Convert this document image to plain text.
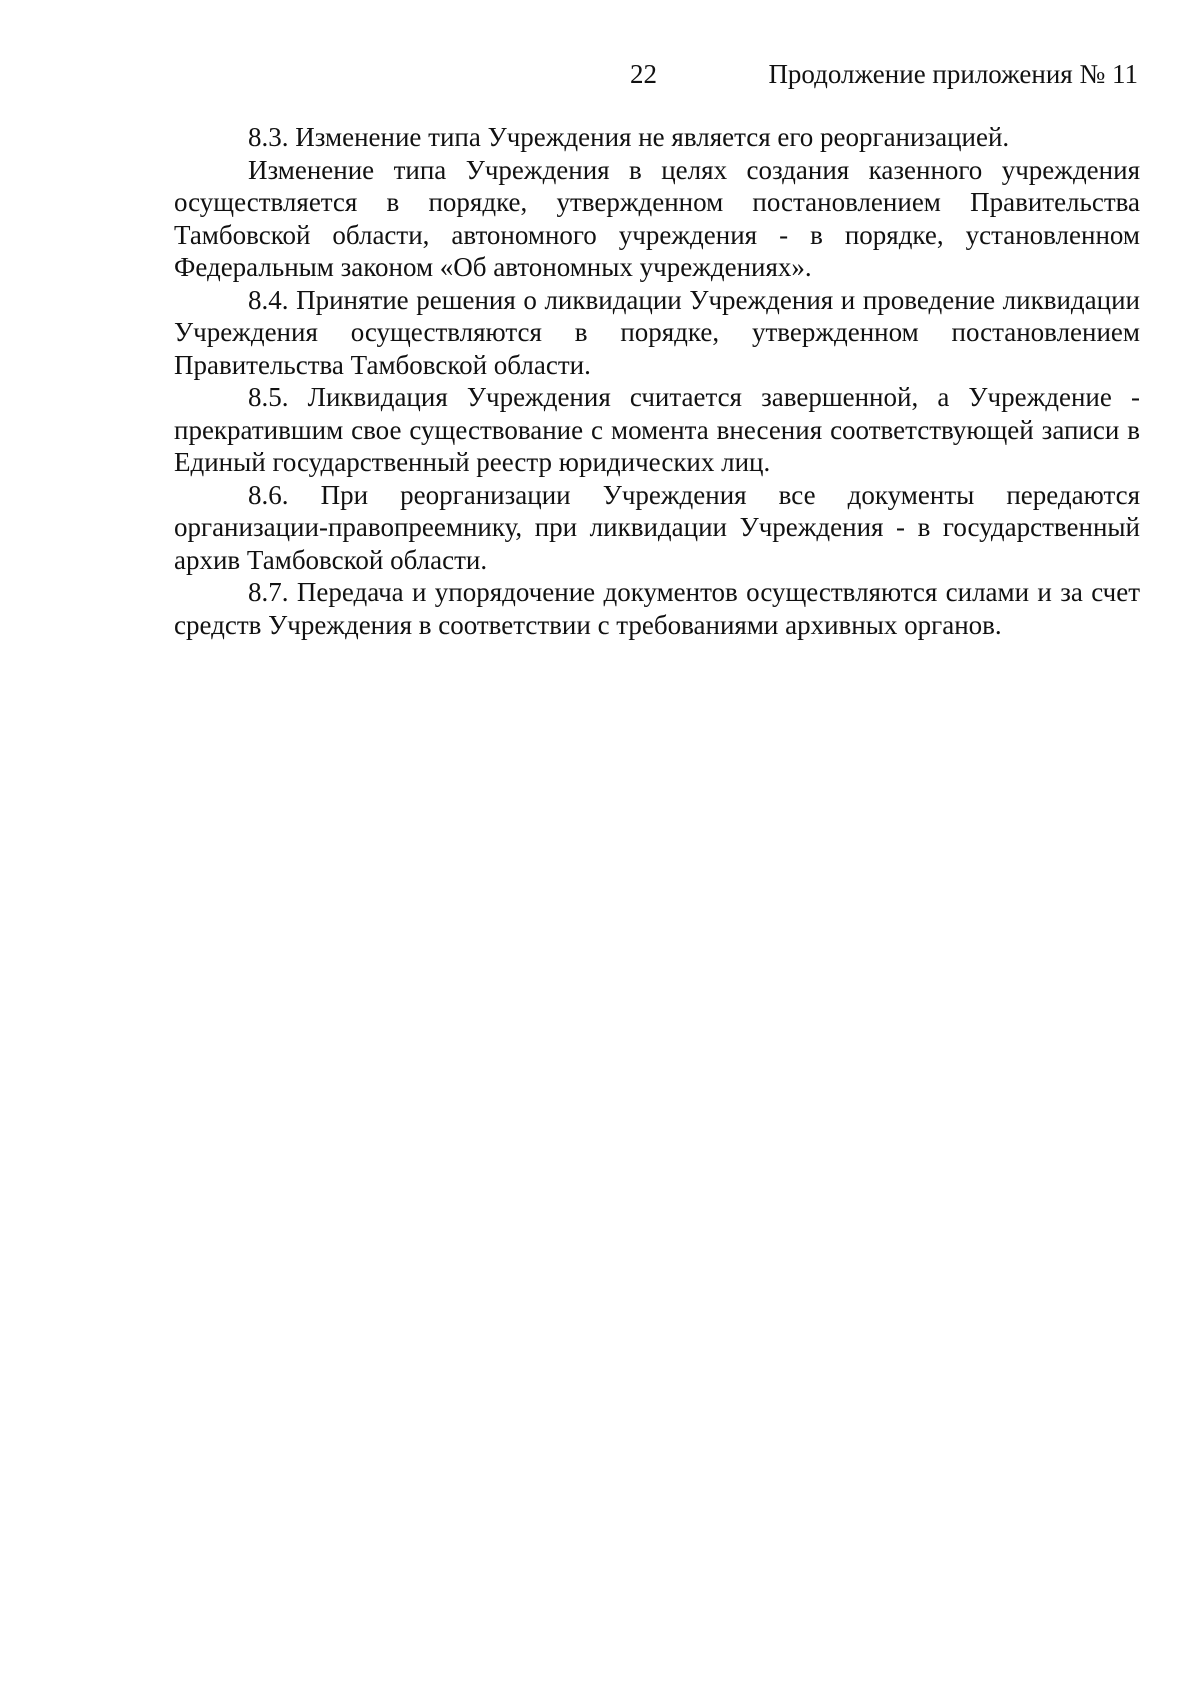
22	Продолжение приложения № 11

8.3. Изменение типа Учреждения не является его реорганизацией.

Изменение типа Учреждения в целях создания казенного учреждения осуществляется в порядке, утвержденном постановлением Правительства Тамбовской области, автономного учреждения - в порядке, установленном Федеральным законом «Об автономных учреждениях».

8.4. Принятие решения о ликвидации Учреждения и проведение ликвидации Учреждения осуществляются в порядке, утвержденном постановлением Правительства Тамбовской области.

8.5. Ликвидация Учреждения считается завершенной, а Учреждение - прекратившим свое существование с момента внесения соответствующей записи в Единый государственный реестр юридических лиц.

8.6. При реорганизации Учреждения все документы передаются организации-правопреемнику, при ликвидации Учреждения - в государственный архив Тамбовской области.

8.7. Передача и упорядочение документов осуществляются силами и за счет средств Учреждения в соответствии с требованиями архивных органов.
